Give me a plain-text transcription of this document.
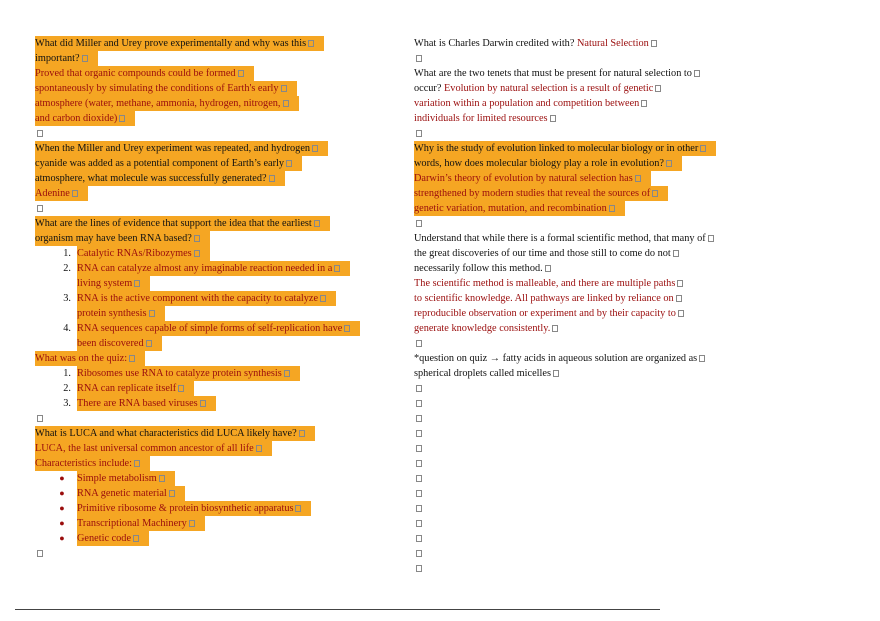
What did Miller and Urey prove experimentally and why was this
important?
Proved that organic compounds could be formed
spontaneously by simulating the conditions of Earth's early
atmosphere (water, methane, ammonia, hydrogen, nitrogen,
and carbon dioxide)
When the Miller and Urey experiment was repeated, and hydrogen
cyanide was added as a potential component of Earth’s early
atmosphere, what molecule was successfully generated?
Adenine
What are the lines of evidence that support the idea that the earliest
organism may have been RNA based?
1. Catalytic RNAs/Ribozymes
2. RNA can catalyze almost any imaginable reaction needed in a
living system
3. RNA is the active component with the capacity to catalyze
protein synthesis
4. RNA sequences capable of simple forms of self-replication have
been discovered
What was on the quiz:
1. Ribosomes use RNA to catalyze protein synthesis
2. RNA can replicate itself
3. There are RNA based viruses
What is LUCA and what characteristics did LUCA likely have?
LUCA, the last universal common ancestor of all life
Characteristics include:
● Simple metabolism
● RNA genetic material
● Primitive ribosome & protein biosynthetic apparatus
● Transcriptional Machinery
● Genetic code
What is Charles Darwin credited with? Natural Selection
What are the two tenets that must be present for natural selection to
occur? Evolution by natural selection is a result of genetic
variation within a population and competition between
individuals for limited resources
Why is the study of evolution linked to molecular biology or in other
words, how does molecular biology play a role in evolution?
Darwin’s theory of evolution by natural selection has
strengthened by modern studies that reveal the sources of
genetic variation, mutation, and recombination
Understand that while there is a formal scientific method, that many of
the great discoveries of our time and those still to come do not
necessarily follow this method.
The scientific method is malleable, and there are multiple paths
to scientific knowledge. All pathways are linked by reliance on
reproducible observation or experiment and by their capacity to
generate knowledge consistently.
*question on quiz → fatty acids in aqueous solution are organized as
spherical droplets called micelles
